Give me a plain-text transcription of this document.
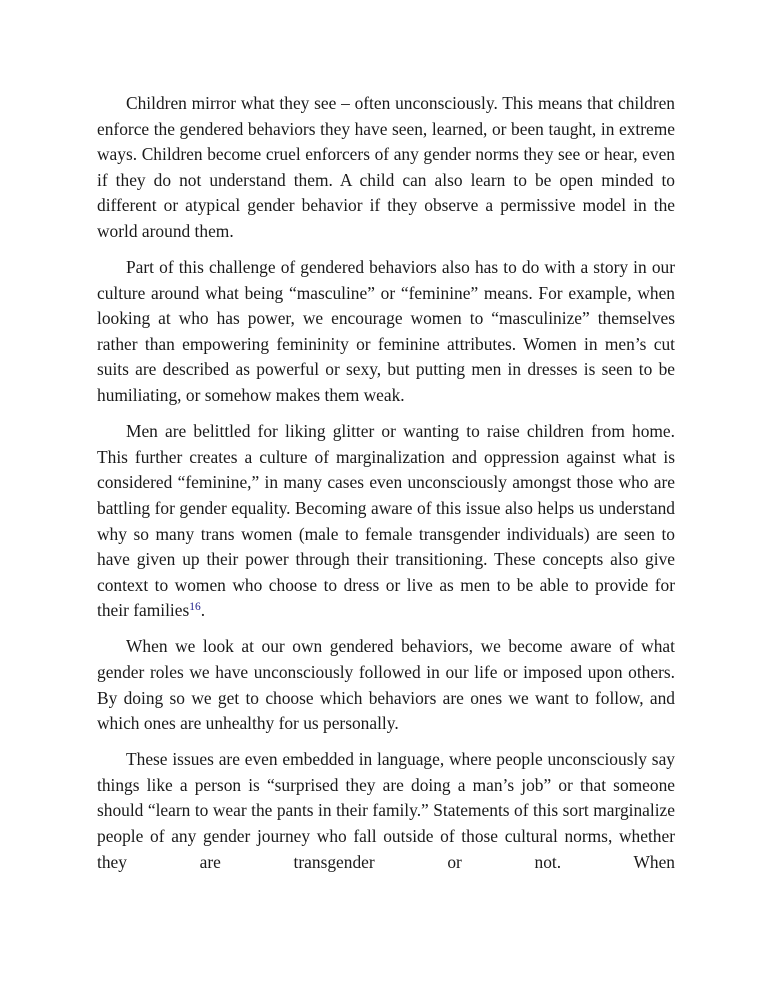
Children mirror what they see – often unconsciously. This means that children enforce the gendered behaviors they have seen, learned, or been taught, in extreme ways. Children become cruel enforcers of any gender norms they see or hear, even if they do not understand them. A child can also learn to be open minded to different or atypical gender behavior if they observe a permissive model in the world around them.

Part of this challenge of gendered behaviors also has to do with a story in our culture around what being “masculine” or “feminine” means. For example, when looking at who has power, we encourage women to “masculinize” themselves rather than empowering femininity or feminine attributes. Women in men’s cut suits are described as powerful or sexy, but putting men in dresses is seen to be humiliating, or somehow makes them weak.

Men are belittled for liking glitter or wanting to raise children from home. This further creates a culture of marginalization and oppression against what is considered “feminine,” in many cases even unconsciously amongst those who are battling for gender equality. Becoming aware of this issue also helps us understand why so many trans women (male to female transgender individuals) are seen to have given up their power through their transitioning. These concepts also give context to women who choose to dress or live as men to be able to provide for their families$^{16}$.

When we look at our own gendered behaviors, we become aware of what gender roles we have unconsciously followed in our life or imposed upon others. By doing so we get to choose which behaviors are ones we want to follow, and which ones are unhealthy for us personally.

These issues are even embedded in language, where people unconsciously say things like a person is “surprised they are doing a man’s job” or that someone should “learn to wear the pants in their family.” Statements of this sort marginalize people of any gender journey who fall outside of those cultural norms, whether they are transgender or not. When
